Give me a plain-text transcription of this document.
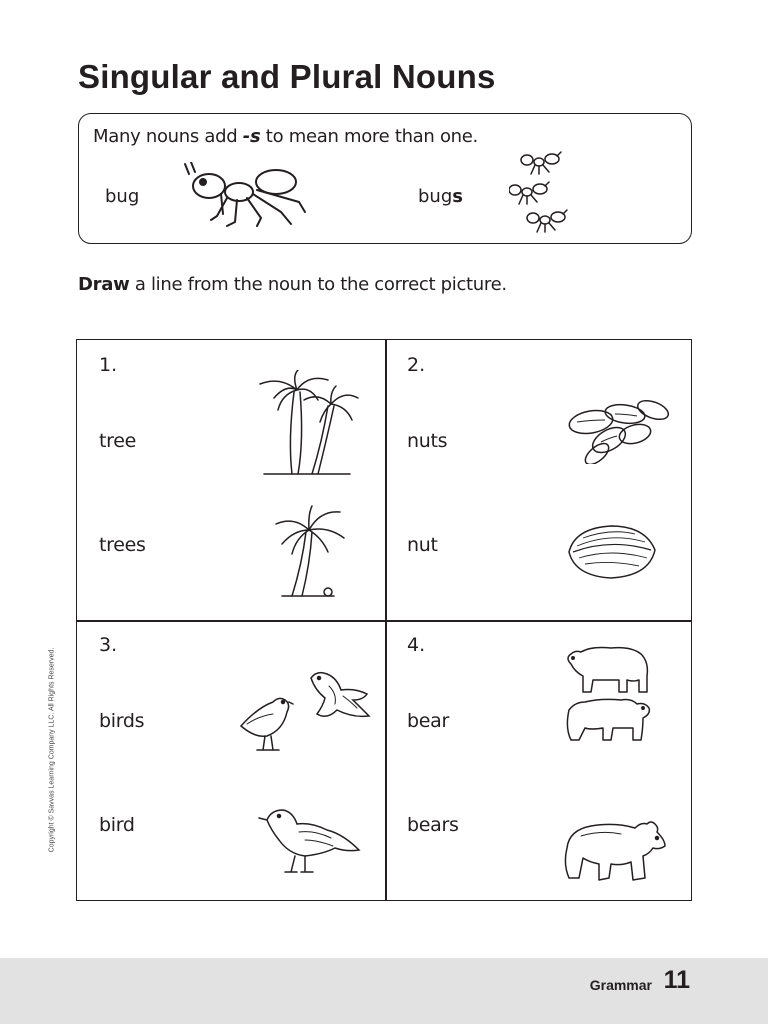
Singular and Plural Nouns
Many nouns add -s to mean more than one.
bug	bugs
Draw a line from the noun to the correct picture.
1.
tree
trees
2.
nuts
nut
3.
birds
bird
4.
bear
bears
Copyright © Savvas Learning Company LLC. All Rights Reserved.
Grammar 11
